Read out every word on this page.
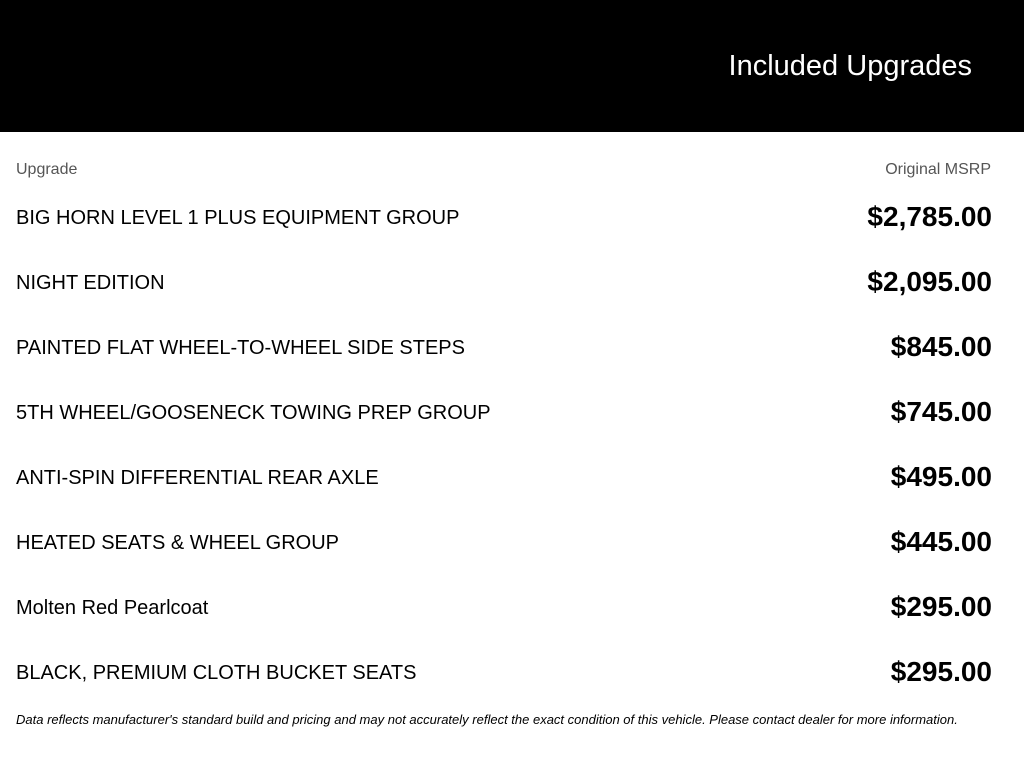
Included Upgrades
Upgrade	Original MSRP
BIG HORN LEVEL 1 PLUS EQUIPMENT GROUP	$2,785.00
NIGHT EDITION	$2,095.00
PAINTED FLAT WHEEL-TO-WHEEL SIDE STEPS	$845.00
5TH WHEEL/GOOSENECK TOWING PREP GROUP	$745.00
ANTI-SPIN DIFFERENTIAL REAR AXLE	$495.00
HEATED SEATS & WHEEL GROUP	$445.00
Molten Red Pearlcoat	$295.00
BLACK, PREMIUM CLOTH BUCKET SEATS	$295.00
Data reflects manufacturer's standard build and pricing and may not accurately reflect the exact condition of this vehicle. Please contact dealer for more information.
